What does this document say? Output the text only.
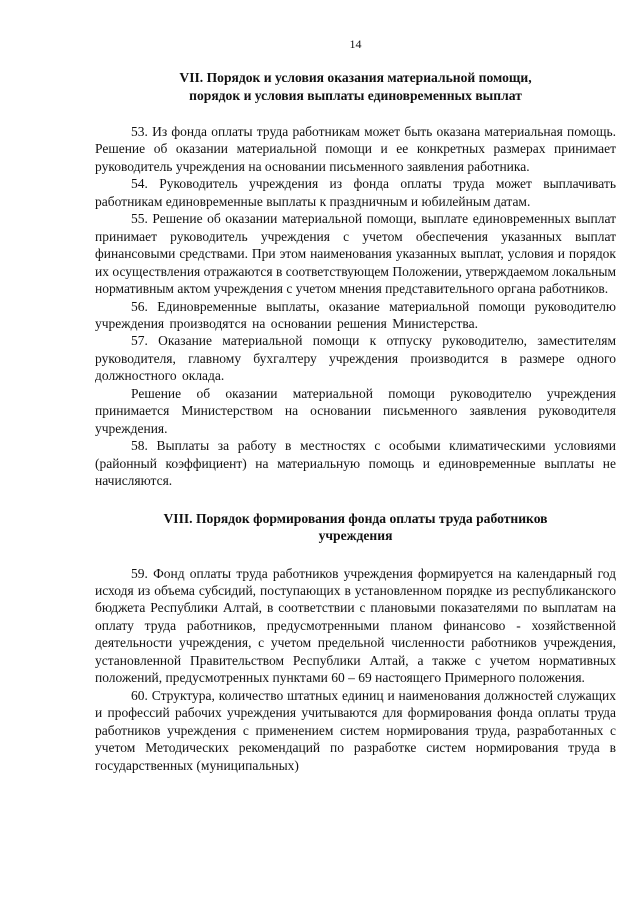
14
VII. Порядок и условия оказания материальной помощи,
порядок и условия выплаты единовременных выплат

53. Из фонда оплаты труда работникам может быть оказана материальная помощь. Решение об оказании материальной помощи и ее конкретных размерах принимает руководитель учреждения на основании письменного заявления работника.

54. Руководитель учреждения из фонда оплаты труда может выплачивать работникам единовременные выплаты к праздничным и юбилейным датам.

55. Решение об оказании материальной помощи, выплате единовременных выплат принимает руководитель учреждения с учетом обеспечения указанных выплат финансовыми средствами. При этом наименования указанных выплат, условия и порядок их осуществления отражаются в соответствующем Положении, утверждаемом локальным нормативным актом учреждения с учетом мнения представительного органа работников.

56. Единовременные выплаты, оказание материальной помощи руководителю учреждения производятся на основании решения Министерства.

57. Оказание материальной помощи к отпуску руководителю, заместителям руководителя, главному бухгалтеру учреждения производится в размере одного должностного оклада.

Решение об оказании материальной помощи руководителю учреждения принимается Министерством на основании письменного заявления руководителя учреждения.

58. Выплаты за работу в местностях с особыми климатическими условиями (районный коэффициент) на материальную помощь и единовременные выплаты не начисляются.

VIII. Порядок формирования фонда оплаты труда работников
учреждения

59. Фонд оплаты труда работников учреждения формируется на календарный год исходя из объема субсидий, поступающих в установленном порядке из республиканского бюджета Республики Алтай, в соответствии с плановыми показателями по выплатам на оплату труда работников, предусмотренными планом финансово - хозяйственной деятельности учреждения, с учетом предельной численности работников учреждения, установленной Правительством Республики Алтай, а также с учетом нормативных положений, предусмотренных пунктами 60 – 69 настоящего Примерного положения.

60. Структура, количество штатных единиц и наименования должностей служащих и профессий рабочих учреждения учитываются для формирования фонда оплаты труда работников учреждения с применением систем нормирования труда, разработанных с учетом Методических рекомендаций по разработке систем нормирования труда в государственных (муниципальных)
